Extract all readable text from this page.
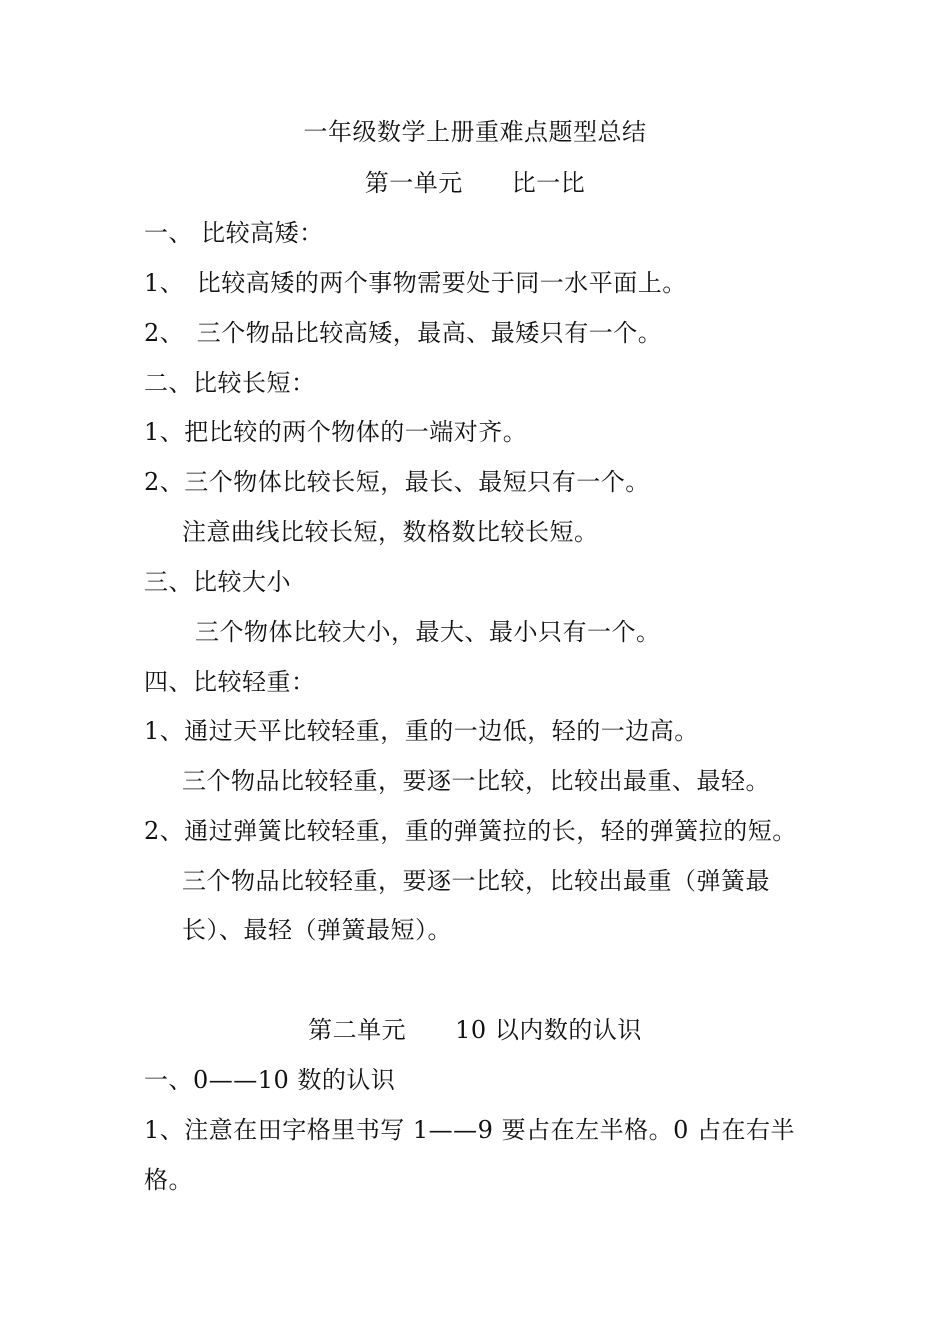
一年级数学上册重难点题型总结
第一单元　　比一比
一、 比较高矮：
1、　比较高矮的两个事物需要处于同一水平面上。
2、　三个物品比较高矮，最高、最矮只有一个。
二、比较长短：
1、把比较的两个物体的一端对齐。
2、三个物体比较长短，最长、最短只有一个。
注意曲线比较长短，数格数比较长短。
三、比较大小
三个物体比较大小，最大、最小只有一个。
四、比较轻重：
1、通过天平比较轻重，重的一边低，轻的一边高。
三个物品比较轻重，要逐一比较，比较出最重、最轻。
2、通过弹簧比较轻重，重的弹簧拉的长，轻的弹簧拉的短。
三个物品比较轻重，要逐一比较，比较出最重（弹簧最
长）、最轻（弹簧最短）。
第二单元　　10 以内数的认识
一、0——10 数的认识
1、注意在田字格里书写 1——9 要占在左半格。0 占在右半
格。
